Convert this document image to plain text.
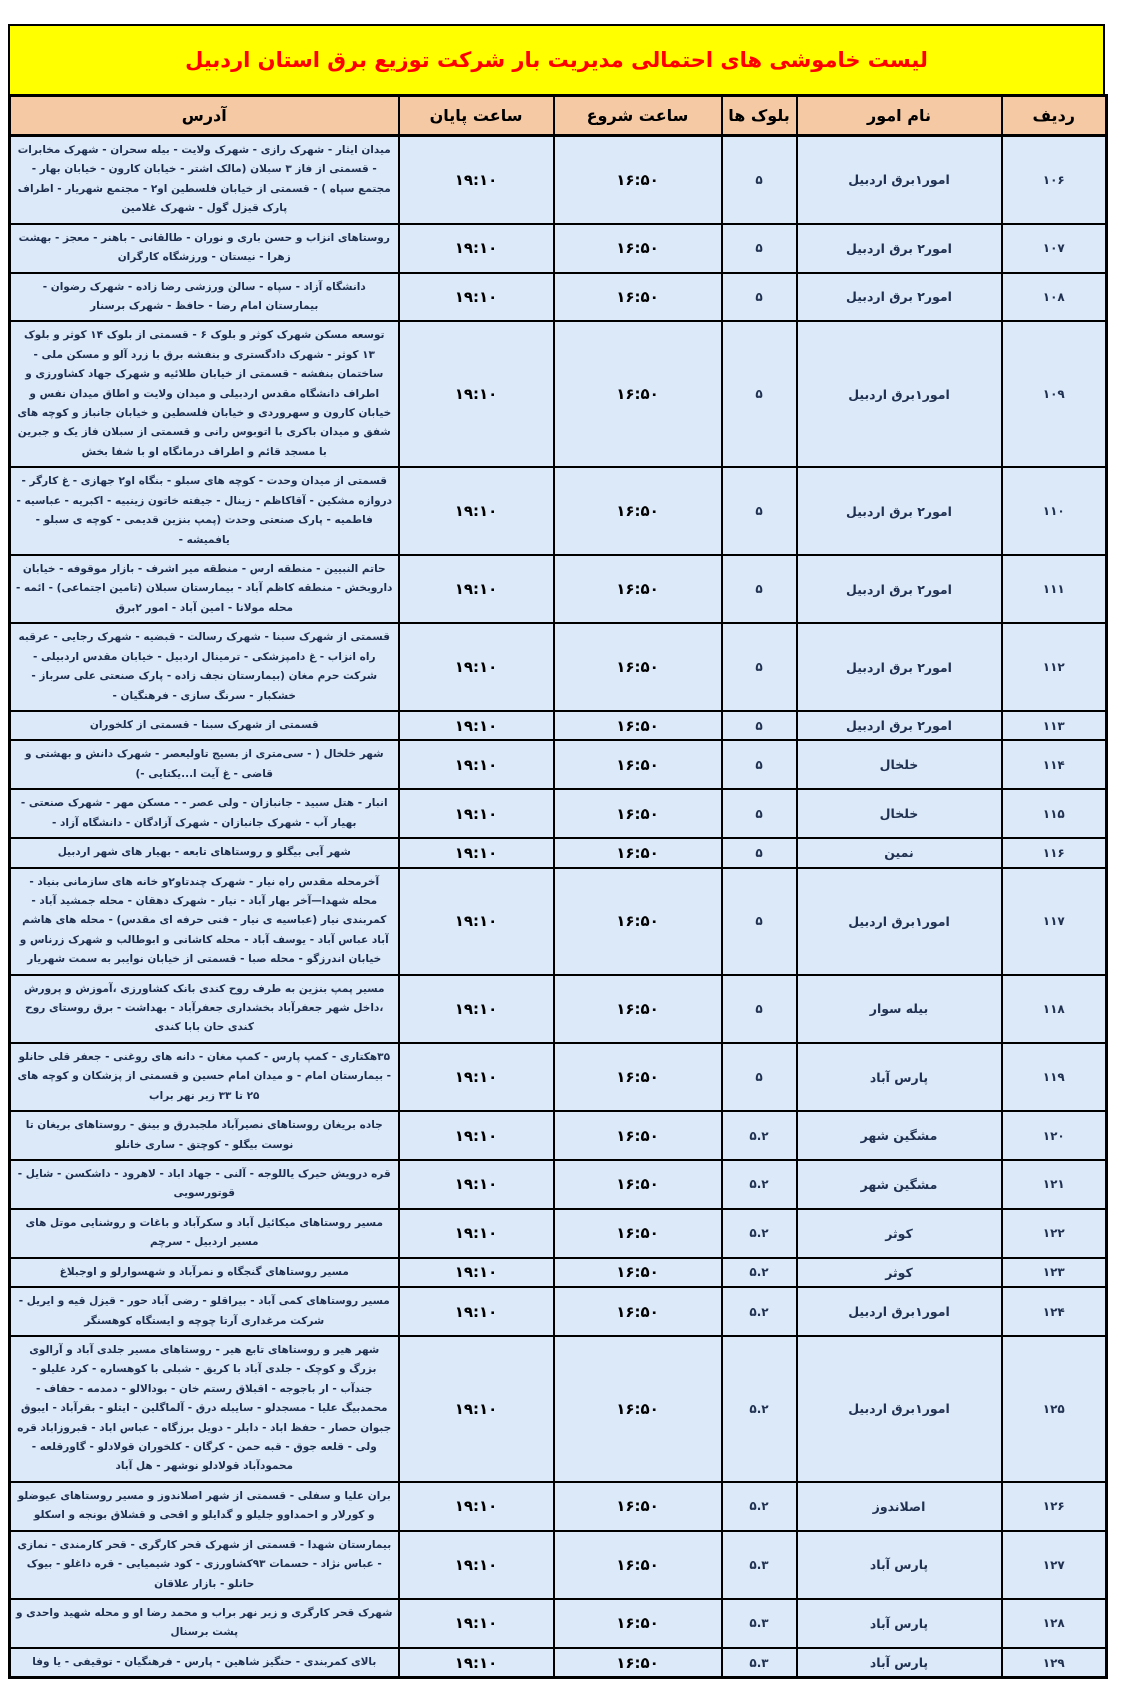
لیست خاموشی های احتمالی مدیریت بار شرکت توزیع برق استان اردبیل
ردیف	نام امور	بلوک ها	ساعت شروع	ساعت پایان	آدرس
۱۰۶	امور۱برق اردبیل	۵	۱۶:۵۰	۱۹:۱۰	میدان ایثار - شهرک رازی - شهرک ولایت - بیله سحران - شهرک مخابرات - قسمتی از فاز ۳ سبلان (مالک اشتر - خیابان کارون - خیابان بهار - مجتمع سپاه ) - قسمتی از خیابان فلسطین او۲ - مجتمع شهریار - اطراف پارک قیزل گول - شهرک غلامین
۱۰۷	امور۲ برق اردبیل	۵	۱۶:۵۰	۱۹:۱۰	روستاهای انزاب و حسن باری و نوران - طالقانی - باهنر - معجز - بهشت زهرا - نیستان - ورزشگاه کارگران
۱۰۸	امور۲ برق اردبیل	۵	۱۶:۵۰	۱۹:۱۰	دانشگاه آزاد - سپاه - سالن ورزشی رضا زاده - شهرک رضوان - بیمارستان امام رضا - حافظ - شهرک برسنار
۱۰۹	امور۱برق اردبیل	۵	۱۶:۵۰	۱۹:۱۰	توسعه مسکن شهرک کوثر و بلوک ۶ - قسمتی از بلوک ۱۴ کوثر و بلوک ۱۳ کوثر - شهرک دادگستری و بنفشه برق با زرد آلو و مسکن ملی - ساختمان بنفشه - قسمتی از خیابان طلائیه و شهرک جهاد کشاورزی و اطراف دانشگاه مقدس اردبیلی و میدان ولایت و اطاق میدان نفس و خیابان کارون و سهروردی و خیابان فلسطین و خیابان جانباز و کوچه های شفق و میدان باکری با اتوبوس رانی و قسمتی از سبلان فاز یک و جبرین با مسجد قائم و اطراف درمانگاه او با شفا بخش
۱۱۰	امور۲ برق اردبیل	۵	۱۶:۵۰	۱۹:۱۰	قسمتی از میدان وحدت - کوچه های سبلو - بنگاه او۲ جهازی - غ کارگر - دروازه مشکین - آقاکاظم - زینال - جیفته خاتون زینبیه - اکبریه - عباسیه - فاطمیه - پارک صنعتی وحدت (پمپ بنزین قدیمی - کوچه ی سبلو - یافمیشه -
۱۱۱	امور۲ برق اردبیل	۵	۱۶:۵۰	۱۹:۱۰	حاتم النبیین - منطقه ارس - منطقه میر اشرف - بازار موقوفه - خیابان داروبخش - منطقه کاظم آباد - بیمارستان سبلان (تامین اجتماعی) - ائمه - محله مولانا - امین آباد - امور ۲برق
۱۱۲	امور۲ برق اردبیل	۵	۱۶:۵۰	۱۹:۱۰	قسمتی از شهرک سبنا - شهرک رسالت - قبضیه - شهرک رجایی - عرقبه راه انزاب - غ دامپزشکی - ترمینال اردبیل - خیابان مقدس اردبیلی - شرکت حرم مغان (بیمارستان نجف زاده - پارک صنعتی علی سرباز - خشکبار - سرنگ سازی - فرهنگیان -
۱۱۳	امور۲ برق اردبیل	۵	۱۶:۵۰	۱۹:۱۰	قسمتی از شهرک سبنا - قسمتی از کلخوران
۱۱۴	خلخال	۵	۱۶:۵۰	۱۹:۱۰	شهر خلخال ( - سی‌متری از بسیج تاولیعصر - شهرک دانش و بهشتی و قاضی - غ آیت ا...یکتایی -)
۱۱۵	خلخال	۵	۱۶:۵۰	۱۹:۱۰	انبار - هتل سبید - جانبازان - ولی عصر - - مسکن مهر - شهرک صنعتی - بهیار آب - شهرک جانبازان - شهرک آزادگان - دانشگاه آزاد -
۱۱۶	نمین	۵	۱۶:۵۰	۱۹:۱۰	شهر آبی بیگلو و روستاهای تابعه - بهیار های شهر اردبیل
۱۱۷	امور۱برق اردبیل	۵	۱۶:۵۰	۱۹:۱۰	آخرمحله مقدس راه نیار - شهرک چندتاو۲و خانه های سازمانی بنیاد - محله شهدا—آخر بهار آباد - نیار - شهرک دهقان - محله جمشید آباد - کمربندی نیار (عباسیه ی نیار - فنی حرفه ای مقدس) - محله های هاشم آباد عباس آباد - یوسف آباد - محله کاشانی و ابوطالب و شهرک زرناس و خیابان اندرزگو - محله صبا - قسمتی از خیابان نوایبر به سمت شهریار
۱۱۸	بیله سوار	۵	۱۶:۵۰	۱۹:۱۰	مسیر پمپ بنزین به طرف روح کندی بانک کشاورزی ،آموزش و پرورش ،داخل شهر جعفرآباد بخشداری جعفرآباد - بهداشت - برق روستای روح کندی حان بابا کندی
۱۱۹	پارس آباد	۵	۱۶:۵۰	۱۹:۱۰	۳۵هکتاری - کمپ پارس - کمپ مغان - دانه های روغنی - جعفر قلی حانلو - بیمارستان امام - و میدان امام حسین و قسمتی از پزشکان و کوچه های ۲۵ تا ۳۳ زیر نهر براب
۱۲۰	مشگین شهر	۵.۲	۱۶:۵۰	۱۹:۱۰	جاده بریغان روستاهای نصیرآباد ملجبدرق و بینق - روستاهای بریغان تا نوست بیگلو - کوچتق - ساری خانلو
۱۲۱	مشگین شهر	۵.۲	۱۶:۵۰	۱۹:۱۰	قره درویش حیرک یاللوجه - آلنی - جهاد اباد - لاهرود - داشکسن - شایل - قوتورسویی
۱۲۲	کوثر	۵.۲	۱۶:۵۰	۱۹:۱۰	مسیر روستاهای میکائیل آباد و سکرآباد و باغات و روشنایی موتل های مسیر اردبیل - سرچم
۱۲۳	کوثر	۵.۲	۱۶:۵۰	۱۹:۱۰	مسیر روستاهای گنجگاه و نمرآباد و شهسوارلو و اوجبلاغ
۱۲۴	امور۱برق اردبیل	۵.۲	۱۶:۵۰	۱۹:۱۰	مسیر روستاهای کمی آباد - بیراقلو - رضی آباد حور - قیزل قیه و ایریل - شرکت مرغداری آرتا چوچه و ایستگاه کوهسنگر
۱۲۵	امور۱برق اردبیل	۵.۲	۱۶:۵۰	۱۹:۱۰	شهر هیر و روستاهای تابع هیر - روستاهای مسیر جلدی آباد و آرالوی بزرگ و کوچک - جلدی آباد با کریق - شبلی با کوهساره - کرد علیلو - جندآب - ار باجوجه - اقبلاق رستم خان - بودالالو - دمدمه - حفاف - محمدبیگ علیا - مسجدلو - سایبله درق - آلماگلین - ایتلو - بقرآباد - ایبوق جبوان حصار - حفظ اباد - دابلر - دویل برزگاه - عباس اباد - قبروزاباد قره ولی - قلعه جوق - قبه حمن - کرگان - کلخوران قولادلو - گاورقلعه - محمودآباد قولادلو نوشهر - هل آباد
۱۲۶	اصلاندوز	۵.۲	۱۶:۵۰	۱۹:۱۰	بران علیا و سفلی - قسمتی از شهر اصلاندوز و مسیر روستاهای عیوضلو و کورلار و احمداوو جلیلو و گدایلو و اقحی و قشلاق بونجه و اسکلو
۱۲۷	پارس آباد	۵.۳	۱۶:۵۰	۱۹:۱۰	بیمارستان شهدا - قسمتی از شهرک قحر کارگری - قحر کارمندی - نمازی - عباس نژاد - حسمات ۹۳کشاورزی - کود شیمیایی - قره داغلو - بیوک حانلو - بازار علاقان
۱۲۸	پارس آباد	۵.۳	۱۶:۵۰	۱۹:۱۰	شهرک قحر کارگری و زیر نهر براب و محمد رضا او و محله شهید واحدی و پشت برسنال
۱۲۹	پارس آباد	۵.۳	۱۶:۵۰	۱۹:۱۰	بالای کمربندی - حنگیز شاهین - پارس - فرهنگیان - توقیفی - یا وفا
